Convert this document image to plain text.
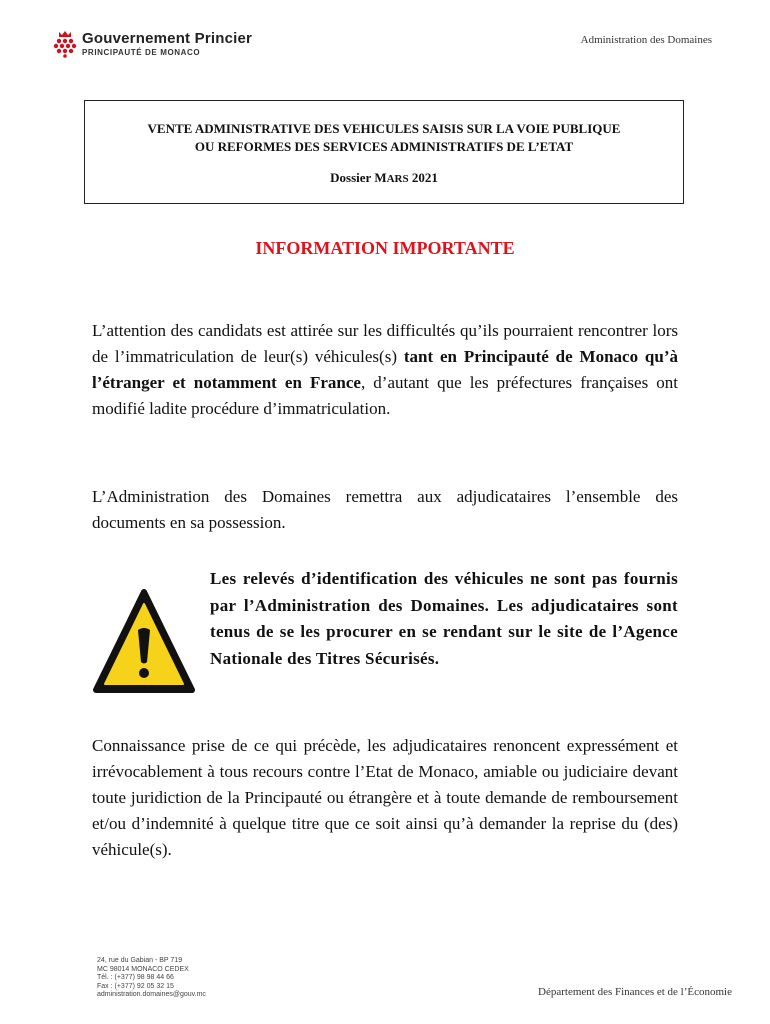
Gouvernement Princier
PRINCIPAUTÉ DE MONACO
Administration des Domaines
VENTE ADMINISTRATIVE DES VEHICULES SAISIS SUR LA VOIE PUBLIQUE
OU REFORMES DES SERVICES ADMINISTRATIFS DE L’ETAT
Dossier MARS 2021
INFORMATION IMPORTANTE
L’attention des candidats est attirée sur les difficultés qu’ils pourraient rencontrer lors de l’immatriculation de leur(s) véhicules(s) tant en Principauté de Monaco qu’à l’étranger et notamment en France, d’autant que les préfectures françaises ont modifié ladite procédure d’immatriculation.
L’Administration des Domaines remettra aux adjudicataires l’ensemble des documents en sa possession.
Les relevés d’identification des véhicules ne sont pas fournis par l’Administration des Domaines. Les adjudicataires sont tenus de se les procurer en se rendant sur le site de l’Agence Nationale des Titres Sécurisés.
Connaissance prise de ce qui précède, les adjudicataires renoncent expressément et irrévocablement à tous recours contre l’Etat de Monaco, amiable ou judiciaire devant toute juridiction de la Principauté ou étrangère et à toute demande de remboursement et/ou d’indemnité à quelque titre que ce soit ainsi qu’à demander la reprise du (des) véhicule(s).
24, rue du Gabian - BP 719
MC 98014 MONACO CEDEX
Tél. : (+377) 98 98 44 66
Fax : (+377) 92 05 32 15
administration.domaines@gouv.mc	Département des Finances et de l’Économie
